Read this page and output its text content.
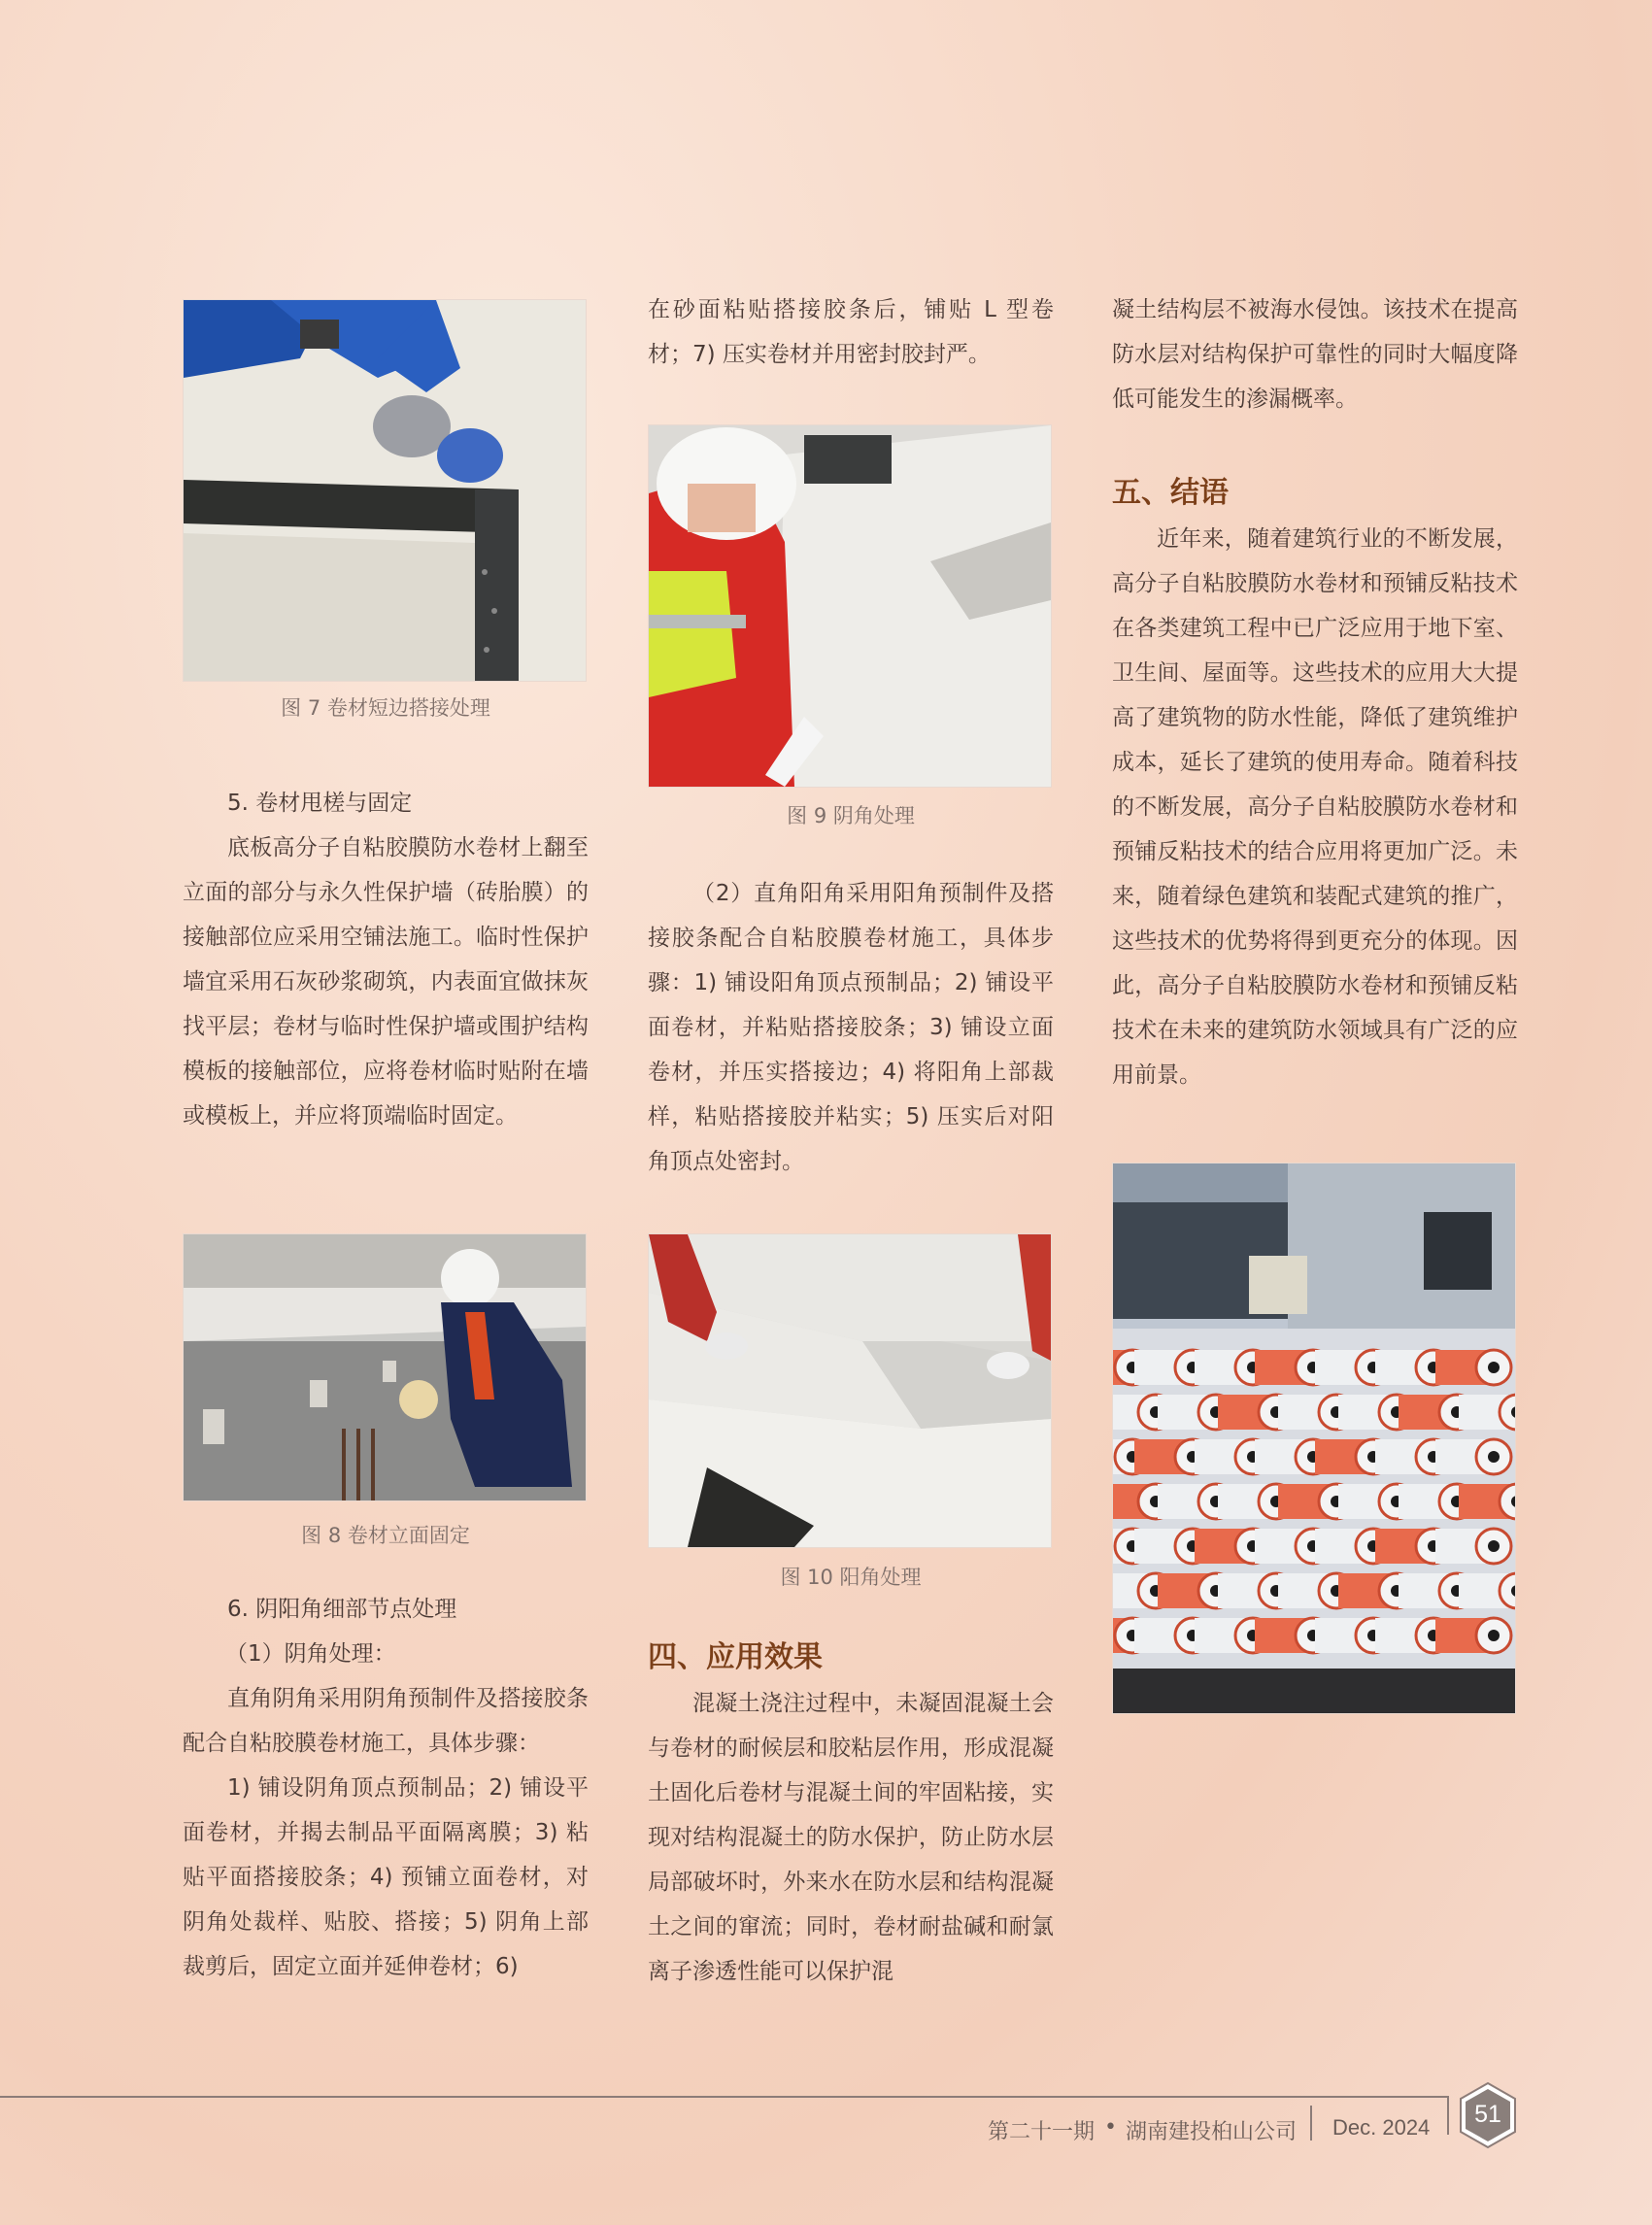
图 7 卷材短边搭接处理

5. 卷材甩槎与固定

底板高分子自粘胶膜防水卷材上翻至立面的部分与永久性保护墙（砖胎膜）的接触部位应采用空铺法施工。临时性保护墙宜采用石灰砂浆砌筑，内表面宜做抹灰找平层；卷材与临时性保护墙或围护结构模板的接触部位，应将卷材临时贴附在墙或模板上，并应将顶端临时固定。

图 8 卷材立面固定

6. 阴阳角细部节点处理

（1）阴角处理：

直角阴角采用阴角预制件及搭接胶条配合自粘胶膜卷材施工，具体步骤：

1) 铺设阴角顶点预制品；2) 铺设平面卷材，并揭去制品平面隔离膜；3) 粘贴平面搭接胶条；4) 预铺立面卷材，对阴角处裁样、贴胶、搭接；5) 阴角上部裁剪后，固定立面并延伸卷材；6)

在砂面粘贴搭接胶条后，铺贴 L 型卷材；7) 压实卷材并用密封胶封严。

图 9 阴角处理

（2）直角阳角采用阳角预制件及搭接胶条配合自粘胶膜卷材施工，具体步骤：1) 铺设阳角顶点预制品；2) 铺设平面卷材，并粘贴搭接胶条；3) 铺设立面卷材，并压实搭接边；4) 将阳角上部裁样，粘贴搭接胶并粘实；5) 压实后对阳角顶点处密封。

图 10 阳角处理
四、应用效果

混凝土浇注过程中，未凝固混凝土会与卷材的耐候层和胶粘层作用，形成混凝土固化后卷材与混凝土间的牢固粘接，实现对结构混凝土的防水保护，防止防水层局部破坏时，外来水在防水层和结构混凝土之间的窜流；同时，卷材耐盐碱和耐氯离子渗透性能可以保护混

凝土结构层不被海水侵蚀。该技术在提高防水层对结构保护可靠性的同时大幅度降低可能发生的渗漏概率。

五、结语

近年来，随着建筑行业的不断发展，高分子自粘胶膜防水卷材和预铺反粘技术在各类建筑工程中已广泛应用于地下室、卫生间、屋面等。这些技术的应用大大提高了建筑物的防水性能，降低了建筑维护成本，延长了建筑的使用寿命。随着科技的不断发展，高分子自粘胶膜防水卷材和预铺反粘技术的结合应用将更加广泛。未来，随着绿色建筑和装配式建筑的推广，这些技术的优势将得到更充分的体现。因此，高分子自粘胶膜防水卷材和预铺反粘技术在未来的建筑防水领域具有广泛的应用前景。

第二十一期 • 湖南建投桕山公司 Dec. 2024	51
